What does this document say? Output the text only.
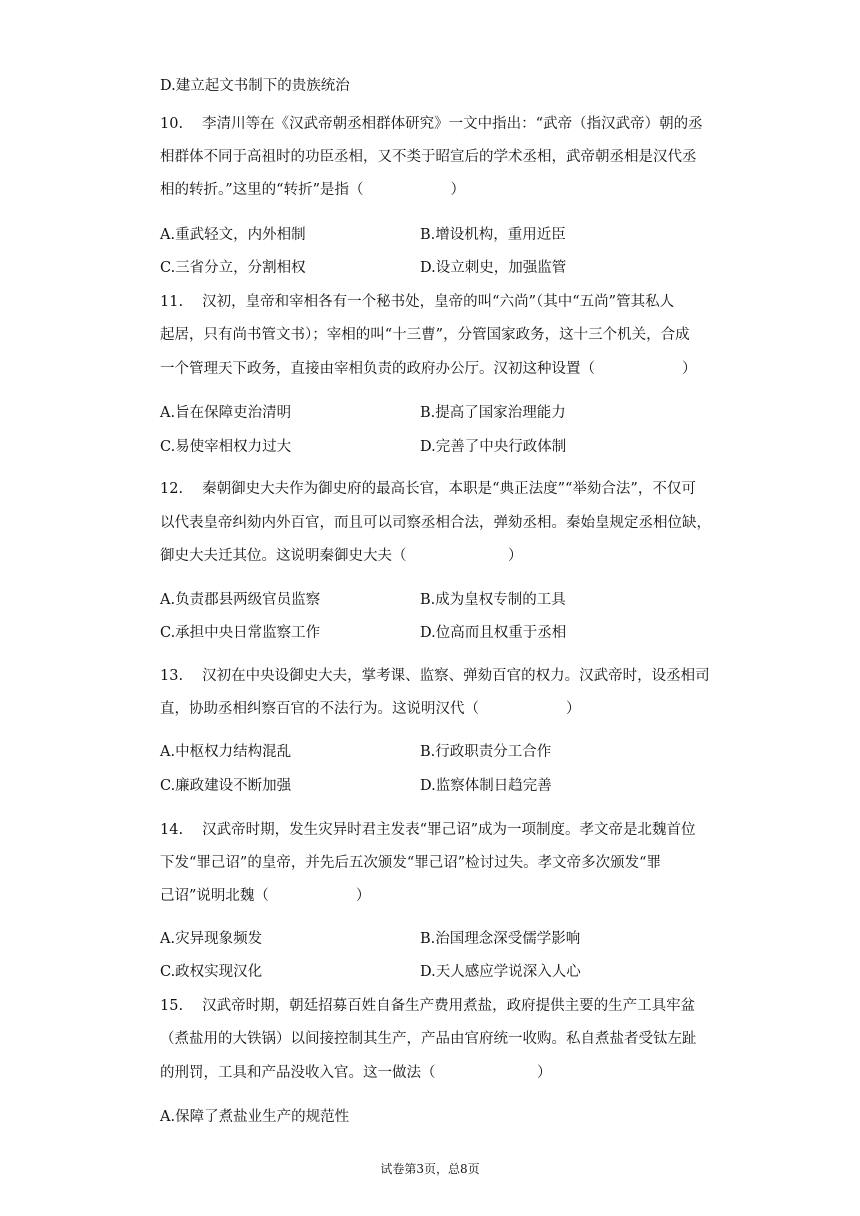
D.建立起文书制下的贵族统治
10.　 李清川等在《汉武帝朝丞相群体研究》一文中指出：“武帝（指汉武帝）朝的丞
相群体不同于高祖时的功臣丞相，又不类于昭宣后的学术丞相，武帝朝丞相是汉代丞
相的转折。”这里的“转折”是指（　　　　　　）
A.重武轻文，内外相制	B.增设机构，重用近臣
C.三省分立，分割相权	D.设立刺史，加强监管
11.　 汉初，皇帝和宰相各有一个秘书处，皇帝的叫“六尚”（其中“五尚”管其私人
起居，只有尚书管文书）；宰相的叫“十三曹”，分管国家政务，这十三个机关，合成
一个管理天下政务，直接由宰相负责的政府办公厅。汉初这种设置（　　　　　　）
A.旨在保障吏治清明	B.提高了国家治理能力
C.易使宰相权力过大	D.完善了中央行政体制
12.　 秦朝御史大夫作为御史府的最高长官，本职是“典正法度”“举劾合法”，不仅可
以代表皇帝纠劾内外百官，而且可以司察丞相合法，弹劾丞相。秦始皇规定丞相位缺，
御史大夫迁其位。这说明秦御史大夫（　　　　　　　）
A.负责郡县两级官员监察	B.成为皇权专制的工具
C.承担中央日常监察工作	D.位高而且权重于丞相
13.　 汉初在中央设御史大夫，掌考课、监察、弹劾百官的权力。汉武帝时，设丞相司
直，协助丞相纠察百官的不法行为。这说明汉代（　　　　　　）
A.中枢权力结构混乱	B.行政职责分工合作
C.廉政建设不断加强	D.监察体制日趋完善
14.　 汉武帝时期，发生灾异时君主发表“罪己诏”成为一项制度。孝文帝是北魏首位
下发“罪己诏”的皇帝，并先后五次颁发“罪己诏”检讨过失。孝文帝多次颁发“罪
己诏”说明北魏（　　　　　　）
A.灾异现象频发	B.治国理念深受儒学影响
C.政权实现汉化	D.天人感应学说深入人心
15.　 汉武帝时期，朝廷招募百姓自备生产费用煮盐，政府提供主要的生产工具牢盆
（煮盐用的大铁锅）以间接控制其生产，产品由官府统一收购。私自煮盐者受钛左趾
的刑罚，工具和产品没收入官。这一做法（　　　　　　　）
A.保障了煮盐业生产的规范性
试卷第3页，总8页
